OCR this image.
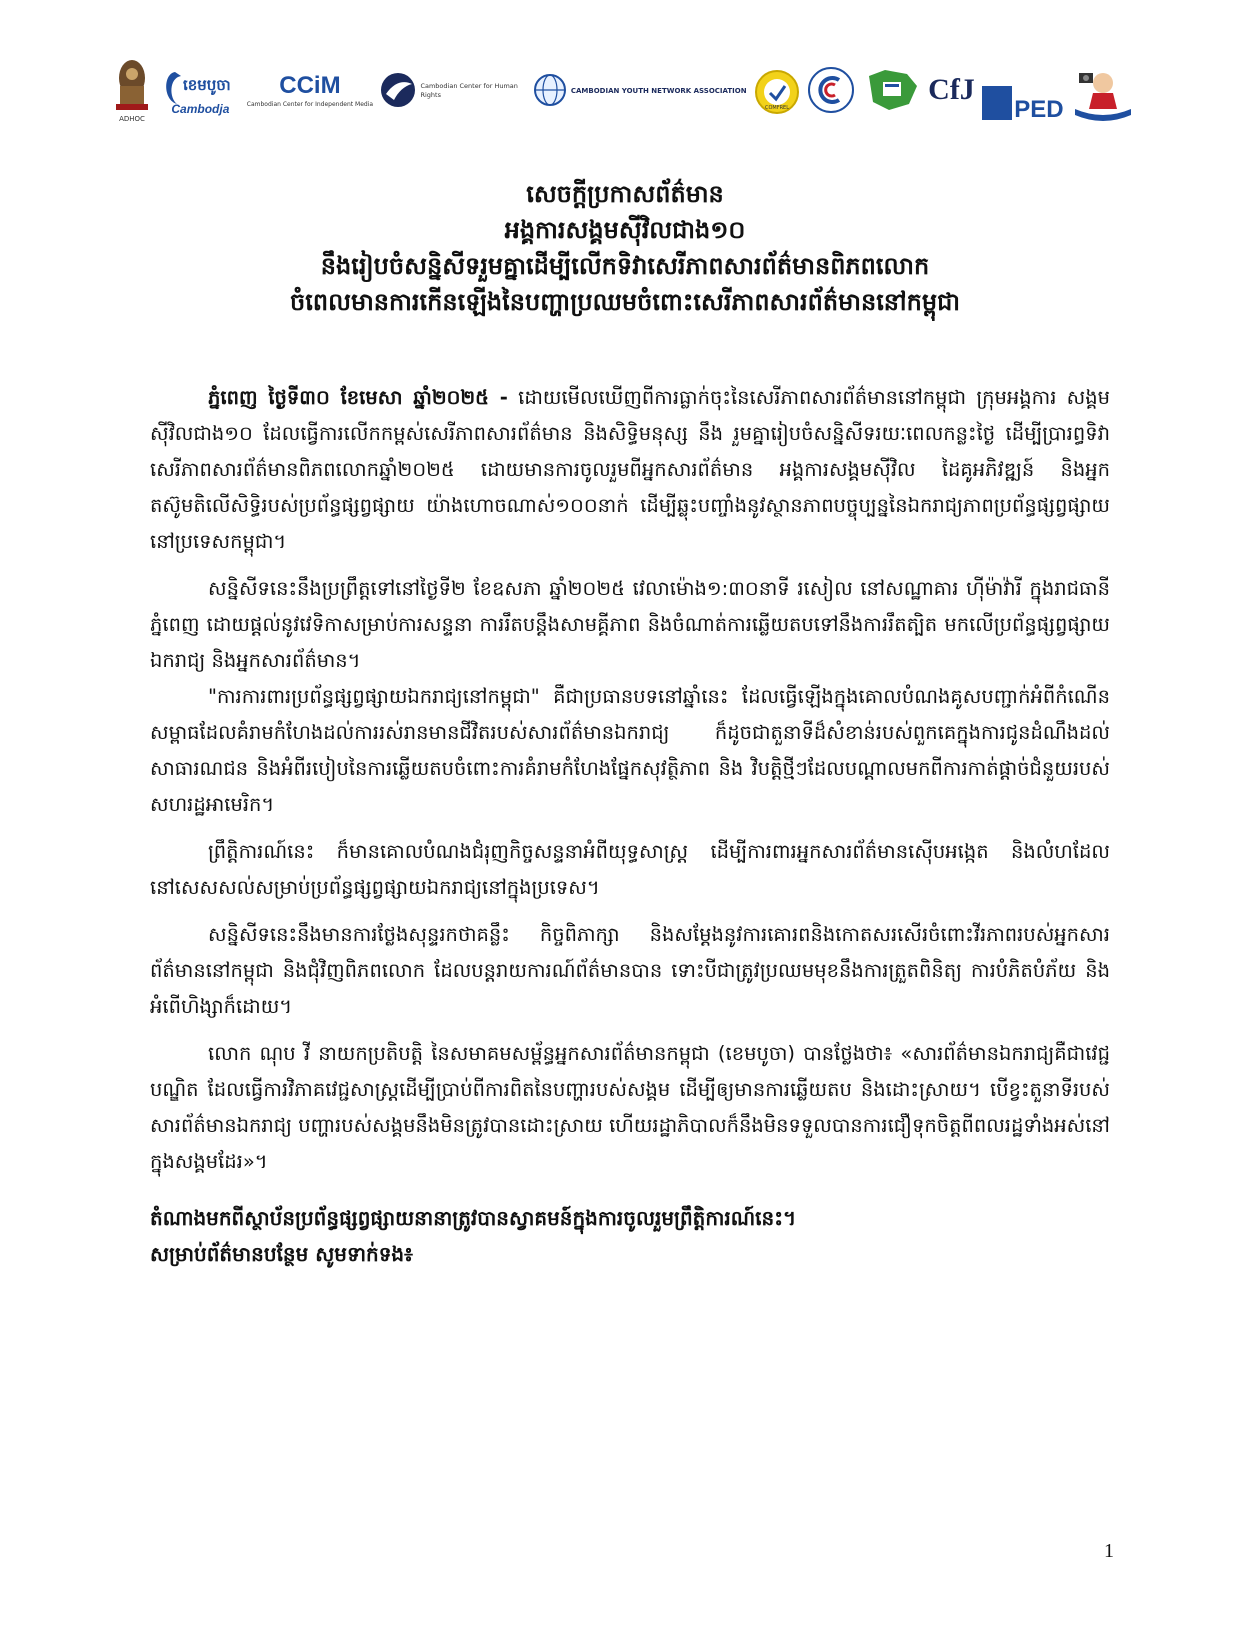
ADHOC
ខេមបូចា
Cambodja
CCiM
Cambodian Center for Independent Media
Cambodian Center for Human Rights	CAMBODIAN YOUTH NETWORK ASSOCIATION
COMFREL
CfJ
PED
សេចក្តីប្រកាសព័ត៌មាន
អង្គការសង្គមស៊ីវិលជាង១០
នឹងរៀបចំសន្និសីទរួមគ្នាដើម្បីលើកទិវាសេរីភាពសារព័ត៌មានពិភពលោក
ចំពេលមានការកើនឡើងនៃបញ្ហាប្រឈមចំពោះសេរីភាពសារព័ត៌មាននៅកម្ពុជា

ភ្នំពេញ ថ្ងៃទី៣០ ខែមេសា ឆ្នាំ២០២៥ - ដោយមើលឃើញពីការធ្លាក់ចុះនៃសេរីភាពសារព័ត៌មាននៅកម្ពុជា ក្រុមអង្គការ សង្គមស៊ីវិលជាង១០ ដែលធ្វើការលើកកម្ពស់សេរីភាពសារព័ត៌មាន និងសិទ្ធិមនុស្ស នឹង រួមគ្នារៀបចំសន្និសីទរយៈពេលកន្លះថ្ងៃ ដើម្បីប្រារព្ធទិវាសេរីភាពសារព័ត៌មានពិភពលោកឆ្នាំ២០២៥ ដោយមានការចូលរួមពីអ្នកសារព័ត៌មាន អង្គការសង្គមស៊ីវិល ដៃគូអភិវឌ្ឍន៍ និងអ្នកតស៊ូមតិលើសិទ្ធិរបស់ប្រព័ន្ធផ្សព្វផ្សាយ យ៉ាងហោចណាស់១០០នាក់ ដើម្បីឆ្លុះបញ្ចាំងនូវស្ថានភាពបច្ចុប្បន្ននៃឯករាជ្យភាពប្រព័ន្ធផ្សព្វផ្សាយនៅប្រទេសកម្ពុជា។

សន្និសីទនេះនឹងប្រព្រឹត្តទៅនៅថ្ងៃទី២ ខែឧសភា ឆ្នាំ២០២៥ វេលាម៉ោង១:៣០នាទី រសៀល នៅសណ្ឋាគារ ហ៊ីម៉ាវ៉ារី ក្នុងរាជធានីភ្នំពេញ ដោយផ្តល់នូវវេទិកាសម្រាប់ការសន្ទនា ការរឹតបន្តឹងសាមគ្គីភាព និងចំណាត់ការឆ្លើយតបទៅនឹងការរឹតត្បិត មកលើប្រព័ន្ធផ្សព្វផ្សាយឯករាជ្យ និងអ្នកសារព័ត៌មាន។

"ការការពារប្រព័ន្ធផ្សព្វផ្សាយឯករាជ្យនៅកម្ពុជា" គឺជាប្រធានបទនៅឆ្នាំនេះ ដែលធ្វើឡើងក្នុងគោលបំណងគូសបញ្ជាក់អំពីកំណើនសម្ពាធដែលគំរាមកំហែងដល់ការរស់រានមានជីវិតរបស់សារព័ត៌មានឯករាជ្យ ក៏ដូចជាតួនាទីដ៏សំខាន់របស់ពួកគេក្នុងការជូនដំណឹងដល់សាធារណជន និងអំពីរបៀបនៃការឆ្លើយតបចំពោះការគំរាមកំហែងផ្នែកសុវត្ថិភាព និង វិបត្តិថ្មីៗដែលបណ្តាលមកពីការកាត់ផ្តាច់ជំនួយរបស់សហរដ្ឋអាមេរិក។

ព្រឹត្តិការណ៍នេះ ក៏មានគោលបំណងជំរុញកិច្ចសន្ទនាអំពីយុទ្ធសាស្ត្រ ដើម្បីការពារអ្នកសារព័ត៌មានស៊ើបអង្កេត និងលំហដែលនៅសេសសល់សម្រាប់ប្រព័ន្ធផ្សព្វផ្សាយឯករាជ្យនៅក្នុងប្រទេស។

សន្និសីទនេះនឹងមានការថ្លែងសុន្ទរកថាគន្លឹះ កិច្ចពិភាក្សា និងសម្តែងនូវការគោរពនិងកោតសរសើរចំពោះវីរភាពរបស់អ្នកសារព័ត៌មាននៅកម្ពុជា និងជុំវិញពិភពលោក ដែលបន្តរាយការណ៍ព័ត៌មានបាន ទោះបីជាត្រូវប្រឈមមុខនឹងការត្រួតពិនិត្យ ការបំភិតបំភ័យ និងអំពើហិង្សាក៏ដោយ។

លោក ណុប វី នាយកប្រតិបត្តិ នៃសមាគមសម្ព័ន្ធអ្នកសារព័ត៌មានកម្ពុជា (ខេមបូចា) បានថ្លែងថា៖ «សារព័ត៌មានឯករាជ្យគឺជាវេជ្ជបណ្ឌិត ដែលធ្វើការវិភាគវេជ្ជសាស្ត្រដើម្បីប្រាប់ពីការពិតនៃបញ្ហារបស់សង្គម ដើម្បីឲ្យមានការឆ្លើយតប និងដោះស្រាយ។ បើខ្វះតួនាទីរបស់សារព័ត៌មានឯករាជ្យ បញ្ហារបស់សង្គមនឹងមិនត្រូវបានដោះស្រាយ ហើយរដ្ឋាភិបាលក៏នឹងមិនទទួលបានការជឿទុកចិត្តពីពលរដ្ឋទាំងអស់នៅក្នុងសង្គមដែរ»។

តំណាងមកពីស្ថាប័នប្រព័ន្ធផ្សព្វផ្សាយនានាត្រូវបានស្វាគមន៍ក្នុងការចូលរួមព្រឹត្តិការណ៍នេះ។
សម្រាប់ព័ត៌មានបន្ថែម សូមទាក់ទង៖
1
